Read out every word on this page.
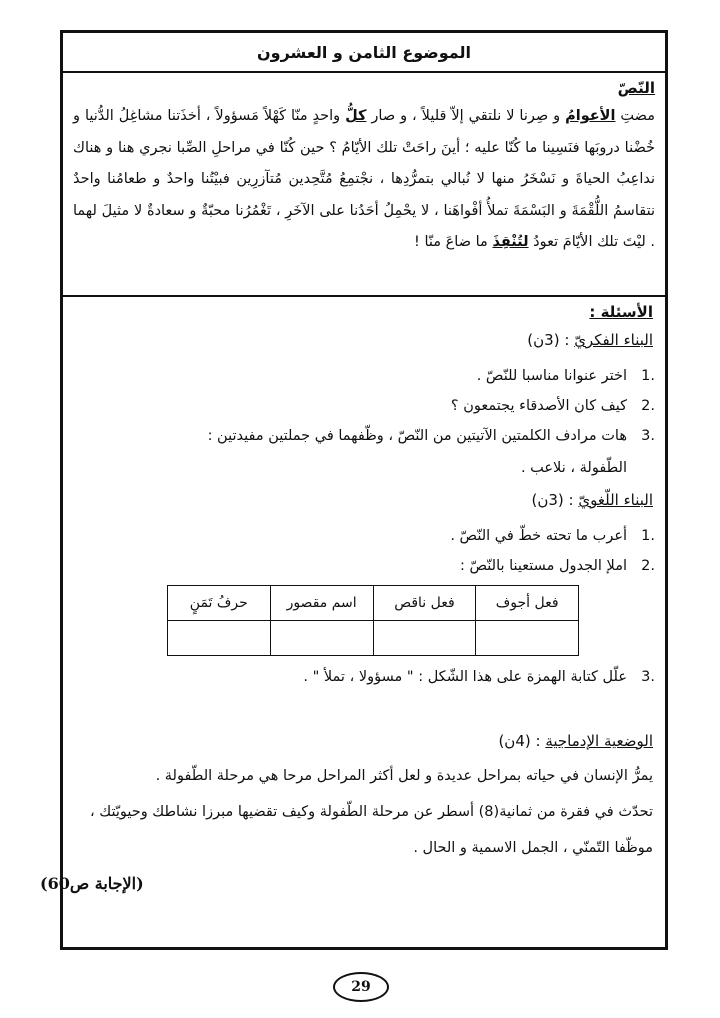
الموضوع الثامن و العشرون
النّصّ

مضتِ الأعوامُ و صِرنا لا نلتقي إلاّ قليلاً ، و صار كلُّ واحدٍ منّا كَهْلاً مَسؤولاً ، أخذَتنا مشاغِلُ الدُّنيا و خُضْنا دروبَها فنَسِينا ما كُنّا عليه ؛ أينَ راحَتْ تلك الأيّامُ ؟ حين كُنّا في مراحلِ الصِّبا نجري هنا و هناك نداعِبُ الحياةَ و نَسْخَرُ منها لا نُبالي بتمرُّدِها ، نجْتمِعُ مُتَّحِدين مُتآزرِين فبيْتُنا واحدٌ و طعامُنا واحدٌ نتقاسمُ اللُّقْمَةَ و البَسْمَةَ تملأُ أفْواهَنا ، لا يحْمِلُ أحَدُنا على الآخَرِ ، تَغْمُرُنا محبّةٌ و سعادةٌ لا مثيلَ لهما . ليْتَ تلك الأيّامَ تعودُ لتُنْقِذَ ما ضاعَ منّا !

الأسئلة :
البناء الفكريّ : (3ن)
.1
اختر عنوانا مناسبا للنّصّ .
.2
كيف كان الأصدقاء يجتمعون ؟
.3
هات مرادف الكلمتين الآتيتين من النّصّ ، وظّفهما في جملتين مفيدتين :
الطّفولة ، نلاعب .
البناء اللّغويّ : (3ن)
.1
أعرب ما تحته خطّ في النّصّ .
.2
املإ الجدول مستعينا بالنّصّ :
فعل أجوف	فعل ناقص	اسم مقصور	حرفُ تَمَنٍ

.3
علّل كتابة الهمزة على هذا الشّكل : " مسؤولا ، تملأ " .
الوضعية الإدماجية : (4ن)

يمرُّ الإنسان في حياته بمراحل عديدة و لعل أكثر المراحل مرحا هي مرحلة الطّفولة .

تحدّث في فقرة من ثمانية(8) أسطر عن مرحلة الطّفولة وكيف تقضيها مبرزا نشاطك وحيويّتك ، موظّفا التّمنّي ، الجمل الاسمية و الحال .

(الإجابة ص60)
29
